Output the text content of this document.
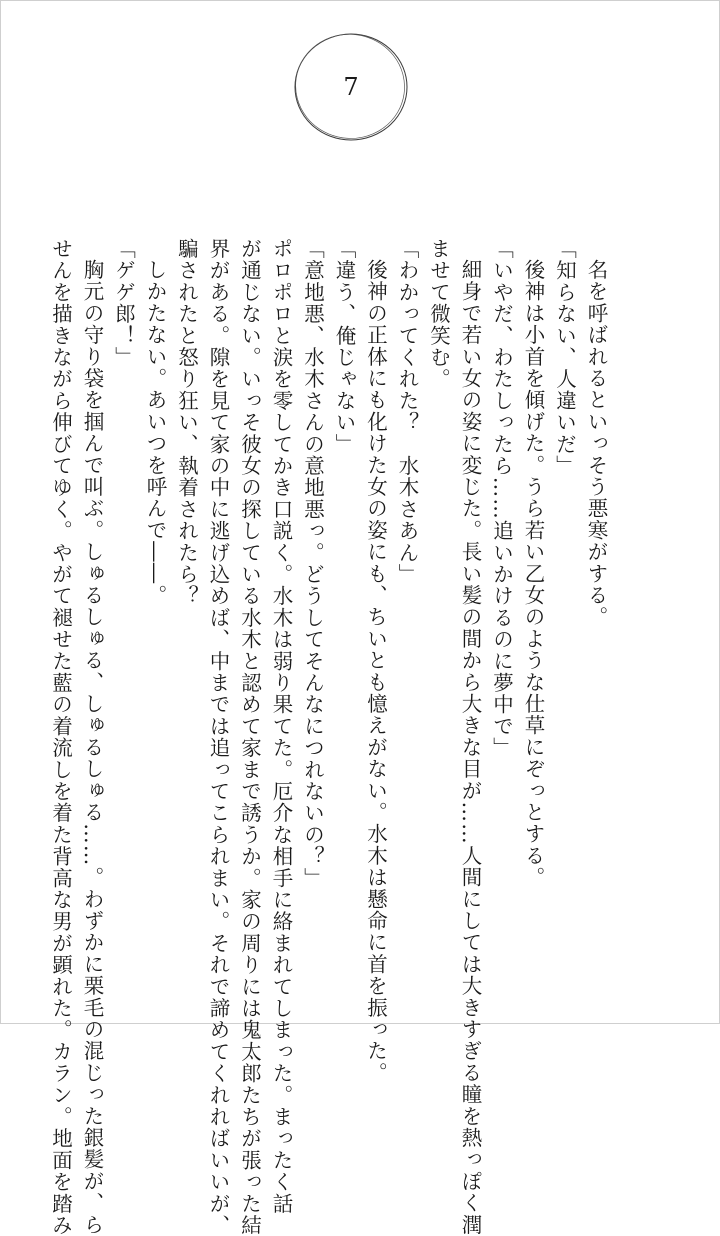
7

名を呼ばれるといっそう悪寒がする。

「知らない、人違いだ」

後神は小首を傾げた。うら若い乙女のような仕草にぞっとする。

「いやだ、わたしったら……追いかけるのに夢中で」

細身で若い女の姿に変じた。長い髪の間から大きな目が……人間にしては大きすぎる瞳を熱っぽく潤

ませて微笑む。

「わかってくれた？　水木さあん」

後神の正体にも化けた女の姿にも、ちいとも憶えがない。水木は懸命に首を振った。

「違う、俺じゃない」

「意地悪、水木さんの意地悪っ。どうしてそんなにつれないの？」

ポロポロと涙を零してかき口説く。水木は弱り果てた。厄介な相手に絡まれてしまった。まったく話

が通じない。いっそ彼女の探している水木と認めて家まで誘うか。家の周りには鬼太郎たちが張った結

界がある。隙を見て家の中に逃げ込めば、中までは追ってこられまい。それで諦めてくれればいいが、

騙されたと怒り狂い、執着されたら？

しかたない。あいつを呼んで――。

「ゲゲ郎！」

胸元の守り袋を掴んで叫ぶ。しゅるしゅる、しゅるしゅる……。わずかに栗毛の混じった銀髪が、ら

せんを描きながら伸びてゆく。やがて褪せた藍の着流しを着た背高な男が顕れた。カラン。地面を踏み
